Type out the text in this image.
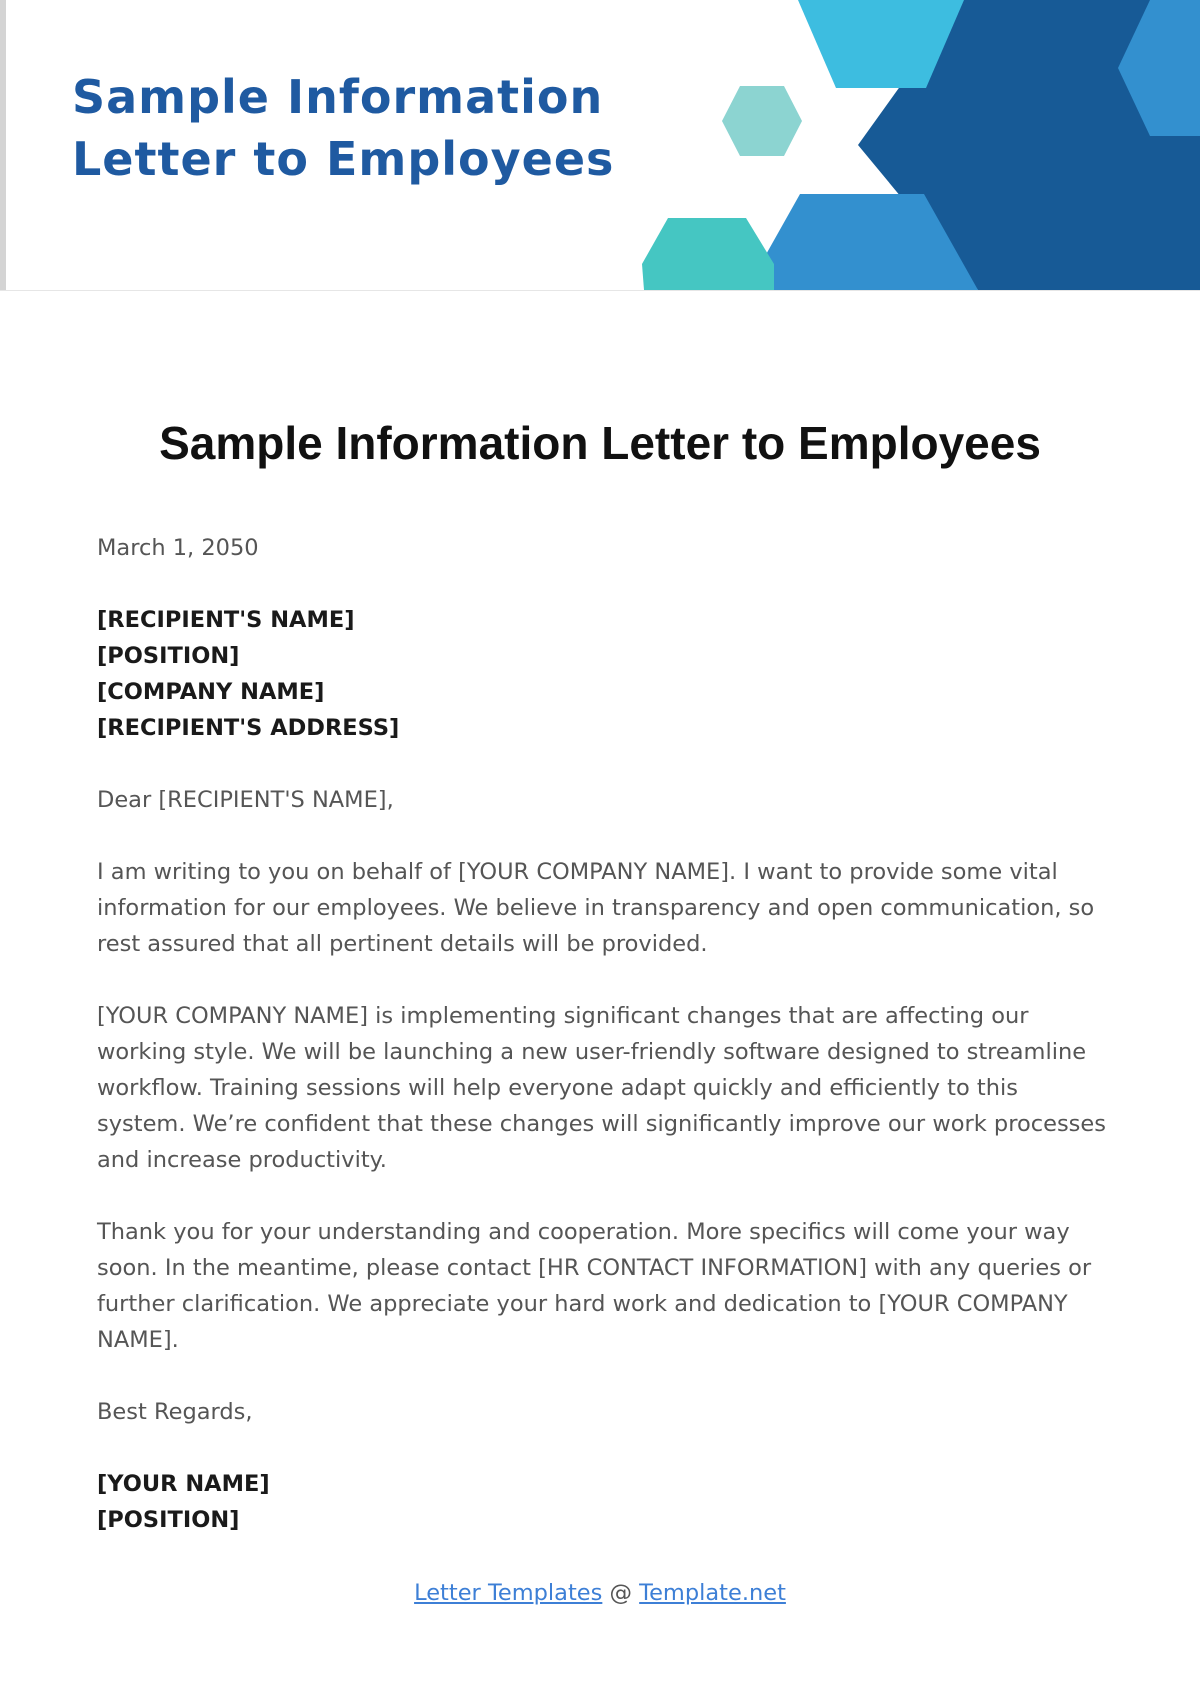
Sample Information
Letter to Employees
Sample Information Letter to Employees

March 1, 2050

[RECIPIENT'S NAME]
[POSITION]
[COMPANY NAME]
[RECIPIENT'S ADDRESS]

Dear [RECIPIENT'S NAME],

I am writing to you on behalf of [YOUR COMPANY NAME]. I want to provide some vital information for our employees. We believe in transparency and open communication, so rest assured that all pertinent details will be provided.

[YOUR COMPANY NAME] is implementing significant changes that are affecting our working style. We will be launching a new user-friendly software designed to streamline workflow. Training sessions will help everyone adapt quickly and efficiently to this system. We’re confident that these changes will significantly improve our work processes and increase productivity.

Thank you for your understanding and cooperation. More specifics will come your way soon. In the meantime, please contact [HR CONTACT INFORMATION] with any queries or further clarification. We appreciate your hard work and dedication to [YOUR COMPANY NAME].

Best Regards,

[YOUR NAME]
[POSITION]

Letter Templates @ Template.net
